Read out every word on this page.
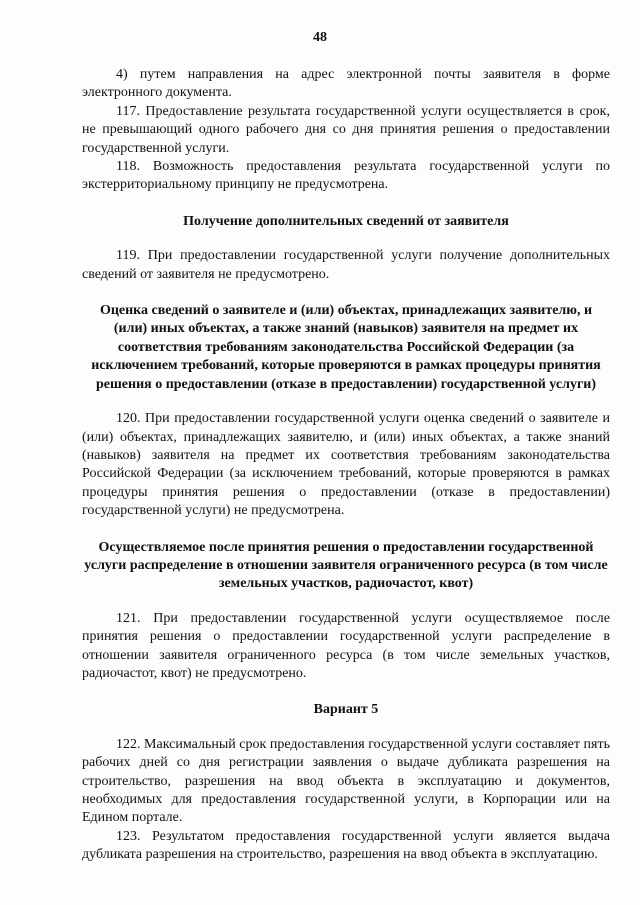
48

4) путем направления на адрес электронной почты заявителя в форме электронного документа.

117. Предоставление результата государственной услуги осуществляется в срок, не превышающий одного рабочего дня со дня принятия решения о предоставлении государственной услуги.

118. Возможность предоставления результата государственной услуги по экстерриториальному принципу не предусмотрена.

Получение дополнительных сведений от заявителя

119. При предоставлении государственной услуги получение дополнительных сведений от заявителя не предусмотрено.

Оценка сведений о заявителе и (или) объектах, принадлежащих заявителю, и (или) иных объектах, а также знаний (навыков) заявителя на предмет их соответствия требованиям законодательства Российской Федерации (за исключением требований, которые проверяются в рамках процедуры принятия решения о предоставлении (отказе в предоставлении) государственной услуги)

120. При предоставлении государственной услуги оценка сведений о заявителе и (или) объектах, принадлежащих заявителю, и (или) иных объектах, а также знаний (навыков) заявителя на предмет их соответствия требованиям законодательства Российской Федерации (за исключением требований, которые проверяются в рамках процедуры принятия решения о предоставлении (отказе в предоставлении) государственной услуги) не предусмотрена.

Осуществляемое после принятия решения о предоставлении государственной услуги распределение в отношении заявителя ограниченного ресурса (в том числе земельных участков, радиочастот, квот)

121. При предоставлении государственной услуги осуществляемое после принятия решения о предоставлении государственной услуги распределение в отношении заявителя ограниченного ресурса (в том числе земельных участков, радиочастот, квот) не предусмотрено.

Вариант 5

122. Максимальный срок предоставления государственной услуги составляет пять рабочих дней со дня регистрации заявления о выдаче дубликата разрешения на строительство, разрешения на ввод объекта в эксплуатацию и документов, необходимых для предоставления государственной услуги, в Корпорации или на Едином портале.

123. Результатом предоставления государственной услуги является выдача дубликата разрешения на строительство, разрешения на ввод объекта в эксплуатацию.
